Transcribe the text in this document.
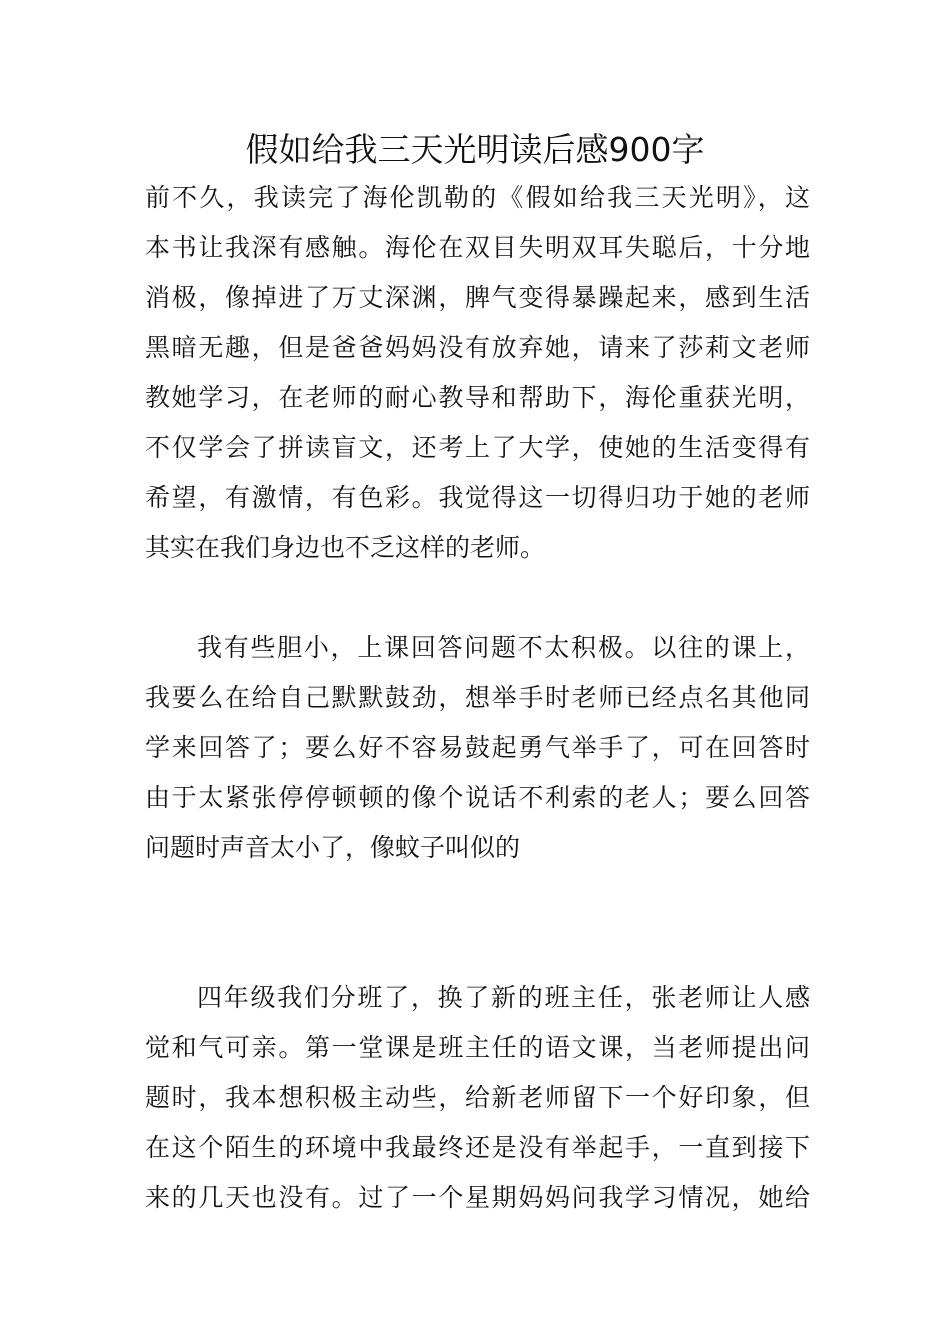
假如给我三天光明读后感900字
前不久，我读完了海伦凯勒的《假如给我三天光明》，这
本书让我深有感触。海伦在双目失明双耳失聪后，十分地
消极，像掉进了万丈深渊，脾气变得暴躁起来，感到生活
黑暗无趣，但是爸爸妈妈没有放弃她，请来了莎莉文老师
教她学习，在老师的耐心教导和帮助下，海伦重获光明，
不仅学会了拼读盲文，还考上了大学，使她的生活变得有
希望，有激情，有色彩。我觉得这一切得归功于她的老师
其实在我们身边也不乏这样的老师。
我有些胆小，上课回答问题不太积极。以往的课上，
我要么在给自己默默鼓劲，想举手时老师已经点名其他同
学来回答了；要么好不容易鼓起勇气举手了，可在回答时
由于太紧张停停顿顿的像个说话不利索的老人；要么回答
问题时声音太小了，像蚊子叫似的
四年级我们分班了，换了新的班主任，张老师让人感
觉和气可亲。第一堂课是班主任的语文课，当老师提出问
题时，我本想积极主动些，给新老师留下一个好印象，但
在这个陌生的环境中我最终还是没有举起手，一直到接下
来的几天也没有。过了一个星期妈妈问我学习情况，她给
